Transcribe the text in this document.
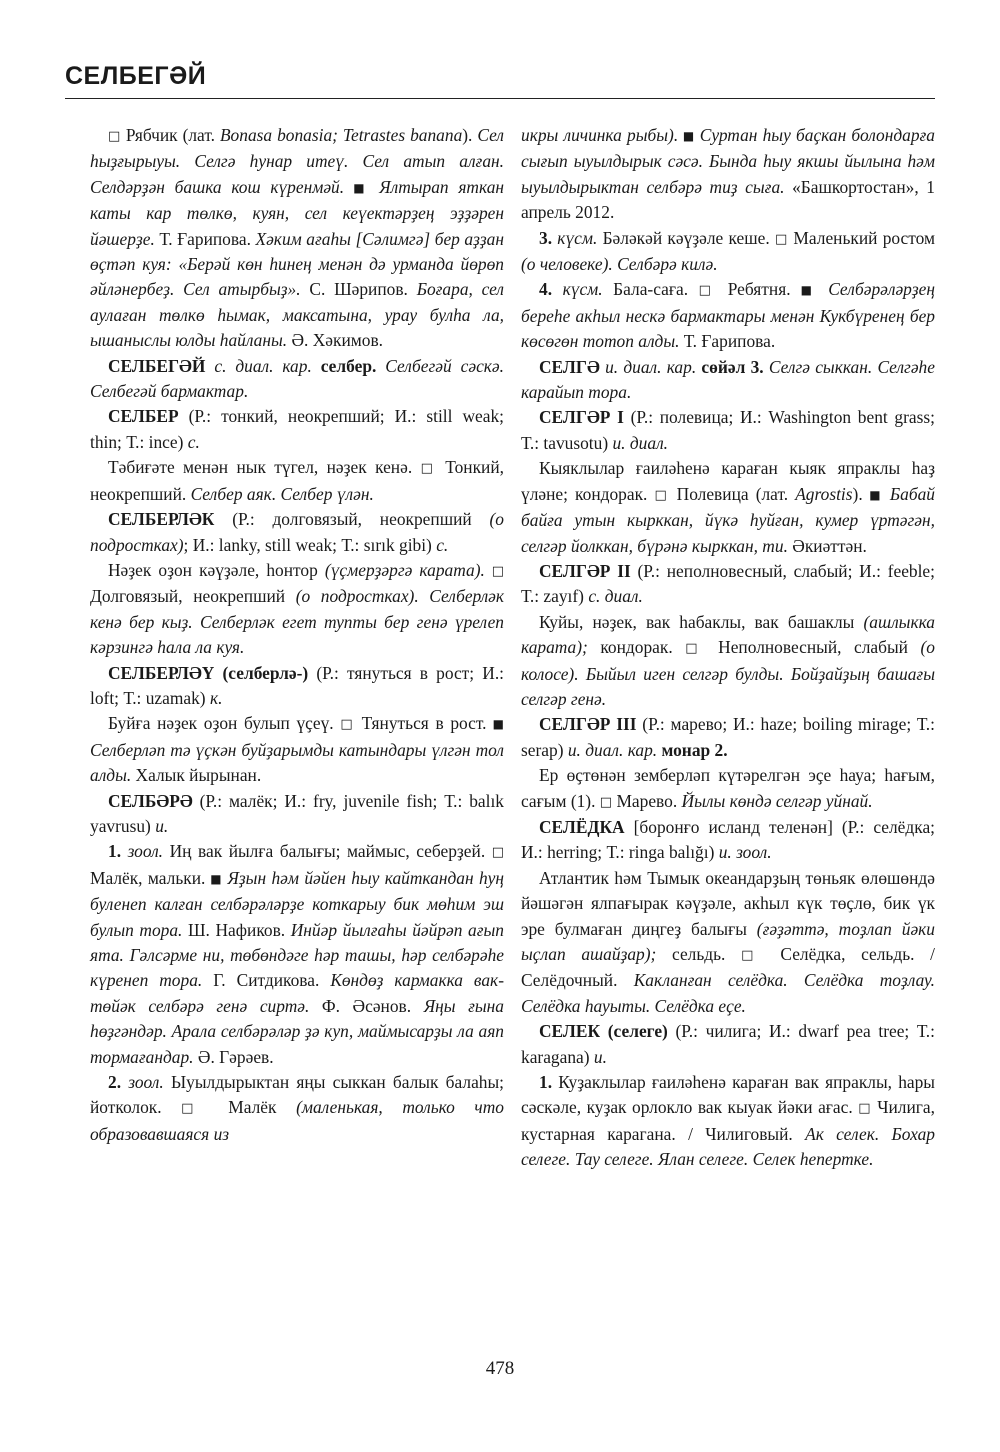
СЕЛБЕГӘЙ

□ Рябчик (лат. Bonasa bonasia; Tetrastes banana). Сел һыҙғырыуы. Селгә һунар итеү. Сел атып алған. Селдәрҙән башка кош күренмәй. ■ Ялтырап яткан каты кар төлкө, куян, сел кеүектәрҙең эҙҙәрен йәшерҙе. Т. Ғарипова. Хәким ағаһы [Сәлимгә] бер аҙҙан өҫтәп куя: «Берәй көн һинең менән дә урманда йөрөп әйләнербеҙ. Сел атырбыҙ». С. Шәрипов. Боғара, сел аулаған төлкө һымак, максатына, урау булһа ла, ышаныслы юлды һайланы. Ә. Хәкимов.

СЕЛБЕГӘЙ с. диал. кар. селбер. Селбегәй сәскә. Селбегәй бармактар.

СЕЛБЕР (Р.: тонкий, неокрепший; И.: still weak; thin; Т.: ince) с.

Тәбиғәте менән нык түгел, нәҙек кенә. □ Тонкий, неокрепший. Селбер аяк. Селбер үлән.

СЕЛБЕРЛӘК (Р.: долговязый, неокрепший (о подростках); И.: lanky, still weak; Т.: sırık gibi) с.

Нәҙек оҙон кәүҙәле, һонтор (үҫмерҙәргә карата). □ Долговязый, неокрепший (о подростках). Селберләк кенә бер кыҙ. Селберләк егет тупты бер генә үрелеп кәрзингә һала ла куя.

СЕЛБЕРЛӘҮ (селберлә-) (Р.: тянуться в рост; И.: loft; Т.: uzamak) к.

Буйға нәҙек оҙон булып үҫеү. □ Тянуться в рост. ■ Селберләп тә үҫкән буйҙарымды катындары үлгән тол алды. Халык йырынан.

СЕЛБӘРӘ (Р.: малёк; И.: fry, juvenile fish; Т.: balık yavrusu) и.

1. зоол. Иң вак йылға балығы; маймыс, себерҙей. □ Малёк, мальки. ■ Яҙын һәм йәйен һыу кайткандан һуң буленеп калған селбәрәләрҙе коткарыу бик мөһим эш булып тора. Ш. Нафиков. Инйәр йылғаһы йәйрәп ағып ята. Гәлсәрме ни, төбөндәге һәр ташы, һәр селбәрәһе күренеп тора. Г. Ситдикова. Көндөҙ кармакка вак-төйәк селбәрә генә сиртә. Ф. Әсәнов. Яңы ғына һөҙгәндәр. Арала селбәрәләр ҙә куп, маймысарҙы ла аяп тормағандар. Ә. Гәрәев.

2. зоол. Ыуылдырыктан яңы сыккан балык балаһы; йотколок. □ Малёк (маленькая, только что образовавшаяся из

икры личинка рыбы). ■ Суртан һыу баҫкан болондарға сығып ыуылдырык сәсә. Бында һыу якшы йылына һәм ыуылдырыктан селбәрә тиҙ сыға. «Башкортостан», 1 апрель 2012.

3. күсм. Бәләкәй кәүҙәле кеше. □ Маленький ростом (о человеке). Селбәрә килә.

4. күсм. Бала-саға. □ Ребятня. ■ Селбәрәләрҙең береһе акһыл нескә бармактары менән Кукбүренең бер көсөгөн тотоп алды. Т. Ғарипова.

СЕЛГӘ и. диал. кар. сөйәл 3. Селгә сыккан. Селгәһе карайып тора.

СЕЛГӘР I (Р.: полевица; И.: Washington bent grass; Т.: tavusotu) и. диал.

Кыяклылар ғаиләһенә караған кыяк япраклы һаҙ үләне; кондорак. □ Полевица (лат. Agrostis). ■ Бабай байға утын кырккан, йүкә һуйған, кумер үртәгән, селгәр йолккан, бүрәнә кырккан, ти. Әкиәттән.

СЕЛГӘР II (Р.: неполновесный, слабый; И.: feeble; Т.: zayıf) с. диал.

Куйы, нәҙек, вак һабаклы, вак башаклы (ашлыкка карата); кондорак. □ Неполновесный, слабый (о колосе). Быйыл иген селгәр булды. Бойҙайҙың башағы селгәр генә.

СЕЛГӘР III (Р.: марево; И.: haze; boiling mirage; Т.: serap) и. диал. кар. монар 2.

Ер өҫтөнән земберләп күтәрелгән эҫе һауа; һағым, сағым (1). □ Марево. Йылы көндә селгәр уйнай.

СЕЛЁДКА [боронғо исланд теленән] (Р.: селёдка; И.: herring; Т.: ringa balığı) и. зоол.

Атлантик һәм Тымык океандарҙың төньяк өлөшөндә йәшәгән ялпағырак кәүҙәле, акһыл күк төҫлө, бик үк эре булмаған диңгеҙ балығы (ғәҙәттә, тоҙлап йәки ыҫлап ашайҙар); сельдь. □ Селёдка, сельдь. / Селёдочный. Какланған селёдка. Селёдка тоҙлау. Селёдка һауыты. Селёдка еҫе.

СЕЛЕК (селеге) (Р.: чилига; И.: dwarf pea tree; Т.: karagana) и.

1. Куҙаклылар ғаиләһенә караған вак япраклы, һары сәскәле, куҙак орлоклo вак кыуак йәки ағас. □ Чилига, кустарная карагана. / Чилиговый. Ак селек. Бохар селеге. Тау селеге. Ялан селеге. Селек һепертке.

478
